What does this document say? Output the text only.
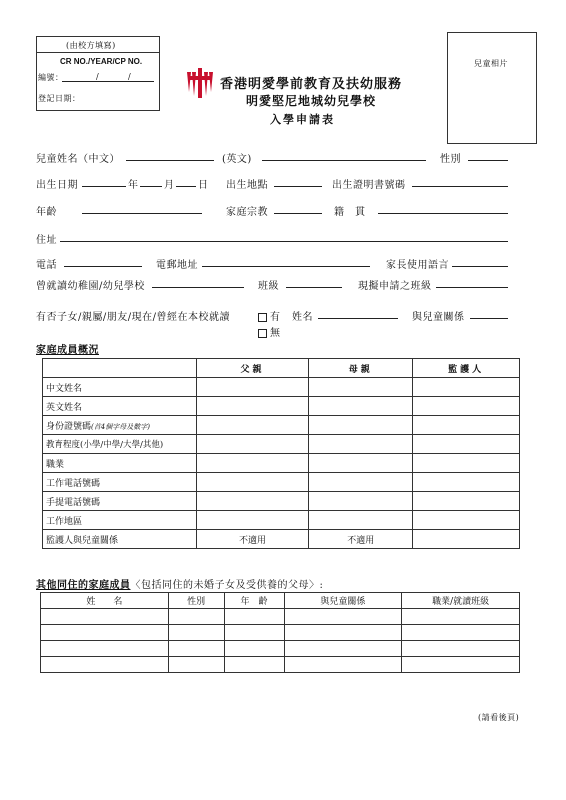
(由校方填寫)
CR NO./YEAR/CP NO.
編號：	/	/
登記日期：
香港明愛學前教育及扶幼服務
明愛堅尼地城幼兒學校
入學申請表
兒童相片
兒童姓名（中文）	(英文)	性別
出生日期	年	月 日 出生地點	出生證明書號碼
年齡	家庭宗教	籍　貫
住址
電話	電郵地址	家長使用語言
曾就讀幼稚園/幼兒學校	班級	現擬申請之班級
有否子女/親屬/朋友/現在/曾經在本校就讀	有 姓名	與兒童關係
無
家庭成員概況
	父親	母親	監護人
中文姓名			
英文姓名			
身份證號碼(首4個字母及數字)			
教育程度(小學/中學/大學/其他)			
職業			
工作電話號碼			
手提電話號碼			
工作地區			
監護人與兒童關係	不適用	不適用	
其他同住的家庭成員〈包括同住的未婚子女及受供養的父母〉:
姓　　名	性別	年　齡	與兒童關係	職業/就讀班級

(請看後頁)
